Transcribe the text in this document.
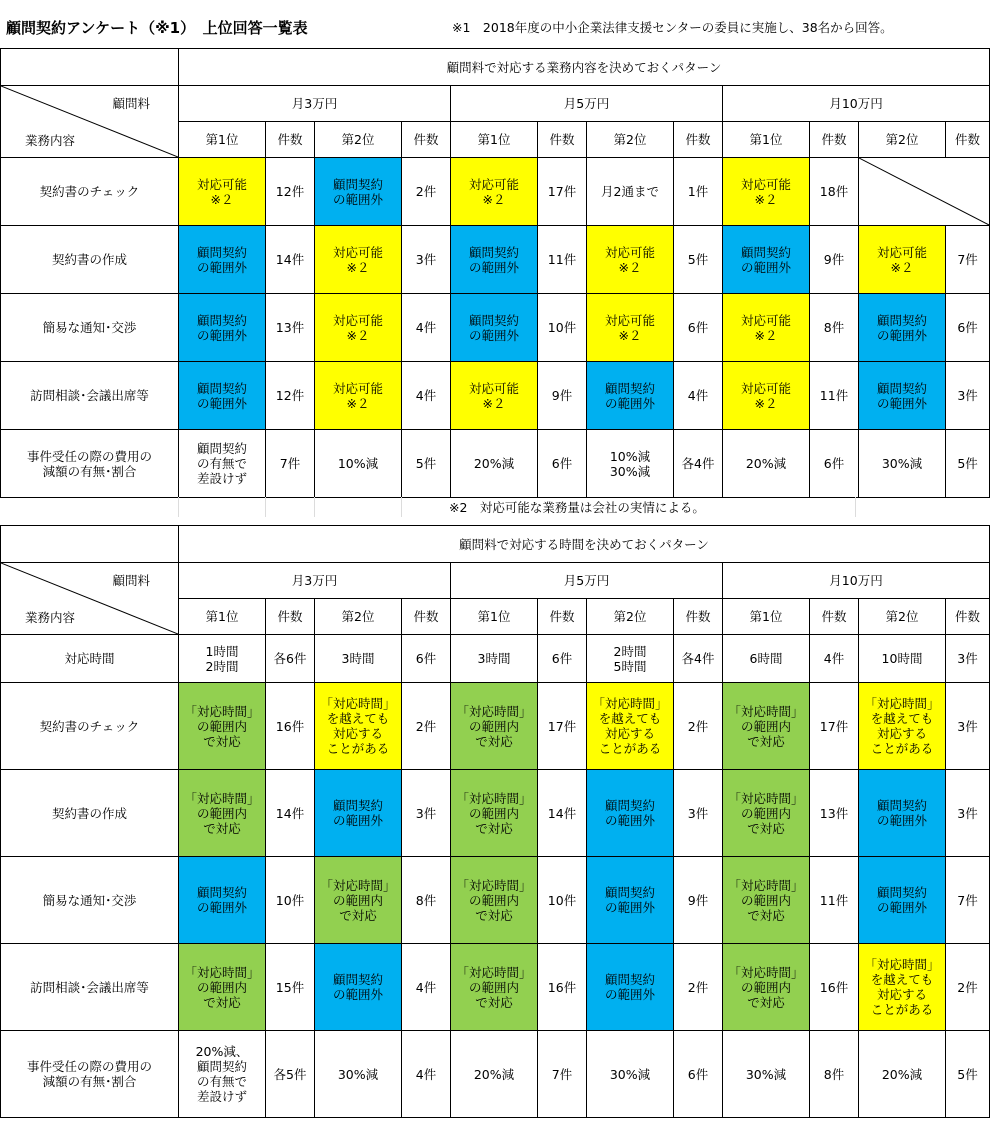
顧問契約アンケート（※1）　上位回答一覧表	※1　2018年度の中小企業法律支援センターの委員に実施し、38名から回答。
	顧問料で対応する業務内容を決めておくパターン											

顧問料
業務内容	月3万円				月5万円				月10万円			
	第1位	件数	第2位	件数	第1位	件数	第2位	件数	第1位	件数	第2位	件数
契約書のチェック	対応可能
※２	12件	顧問契約
の範囲外	2件	対応可能
※２	17件	月2通まで	1件	対応可能
※２	18件	

契約書の作成	顧問契約
の範囲外	14件	対応可能
※２	3件	顧問契約
の範囲外	11件	対応可能
※２	5件	顧問契約
の範囲外	9件	対応可能
※２	7件
簡易な通知･交渉	顧問契約
の範囲外	13件	対応可能
※２	4件	顧問契約
の範囲外	10件	対応可能
※２	6件	対応可能
※２	8件	顧問契約
の範囲外	6件
訪問相談･会議出席等	顧問契約
の範囲外	12件	対応可能
※２	4件	対応可能
※２	9件	顧問契約
の範囲外	4件	対応可能
※２	11件	顧問契約
の範囲外	3件
事件受任の際の費用の
減額の有無･割合	顧問契約
の有無で
差設けず	7件	10%減	5件	20%減	6件	10%減
30%減	各4件	20%減	6件	30%減	5件
※2　対応可能な業務量は会社の実情による。
	顧問料で対応する時間を決めておくパターン											

顧問料
業務内容	月3万円				月5万円				月10万円			
	第1位	件数	第2位	件数	第1位	件数	第2位	件数	第1位	件数	第2位	件数
対応時間	1時間
2時間	各6件	3時間	6件	3時間	6件	2時間
5時間	各4件	6時間	4件	10時間	3件
契約書のチェック	「対応時間」
の範囲内
で対応	16件	「対応時間」
を越えても
対応する
ことがある	2件	「対応時間」
の範囲内
で対応	17件	「対応時間」
を越えても
対応する
ことがある	2件	「対応時間」
の範囲内
で対応	17件	「対応時間」
を越えても
対応する
ことがある	3件
契約書の作成	「対応時間」
の範囲内
で対応	14件	顧問契約
の範囲外	3件	「対応時間」
の範囲内
で対応	14件	顧問契約
の範囲外	3件	「対応時間」
の範囲内
で対応	13件	顧問契約
の範囲外	3件
簡易な通知･交渉	顧問契約
の範囲外	10件	「対応時間」
の範囲内
で対応	8件	「対応時間」
の範囲内
で対応	10件	顧問契約
の範囲外	9件	「対応時間」
の範囲内
で対応	11件	顧問契約
の範囲外	7件
訪問相談･会議出席等	「対応時間」
の範囲内
で対応	15件	顧問契約
の範囲外	4件	「対応時間」
の範囲内
で対応	16件	顧問契約
の範囲外	2件	「対応時間」
の範囲内
で対応	16件	「対応時間」
を越えても
対応する
ことがある	2件
事件受任の際の費用の
減額の有無･割合	20%減、
顧問契約
の有無で
差設けず	各5件	30%減	4件	20%減	7件	30%減	6件	30%減	8件	20%減	5件
